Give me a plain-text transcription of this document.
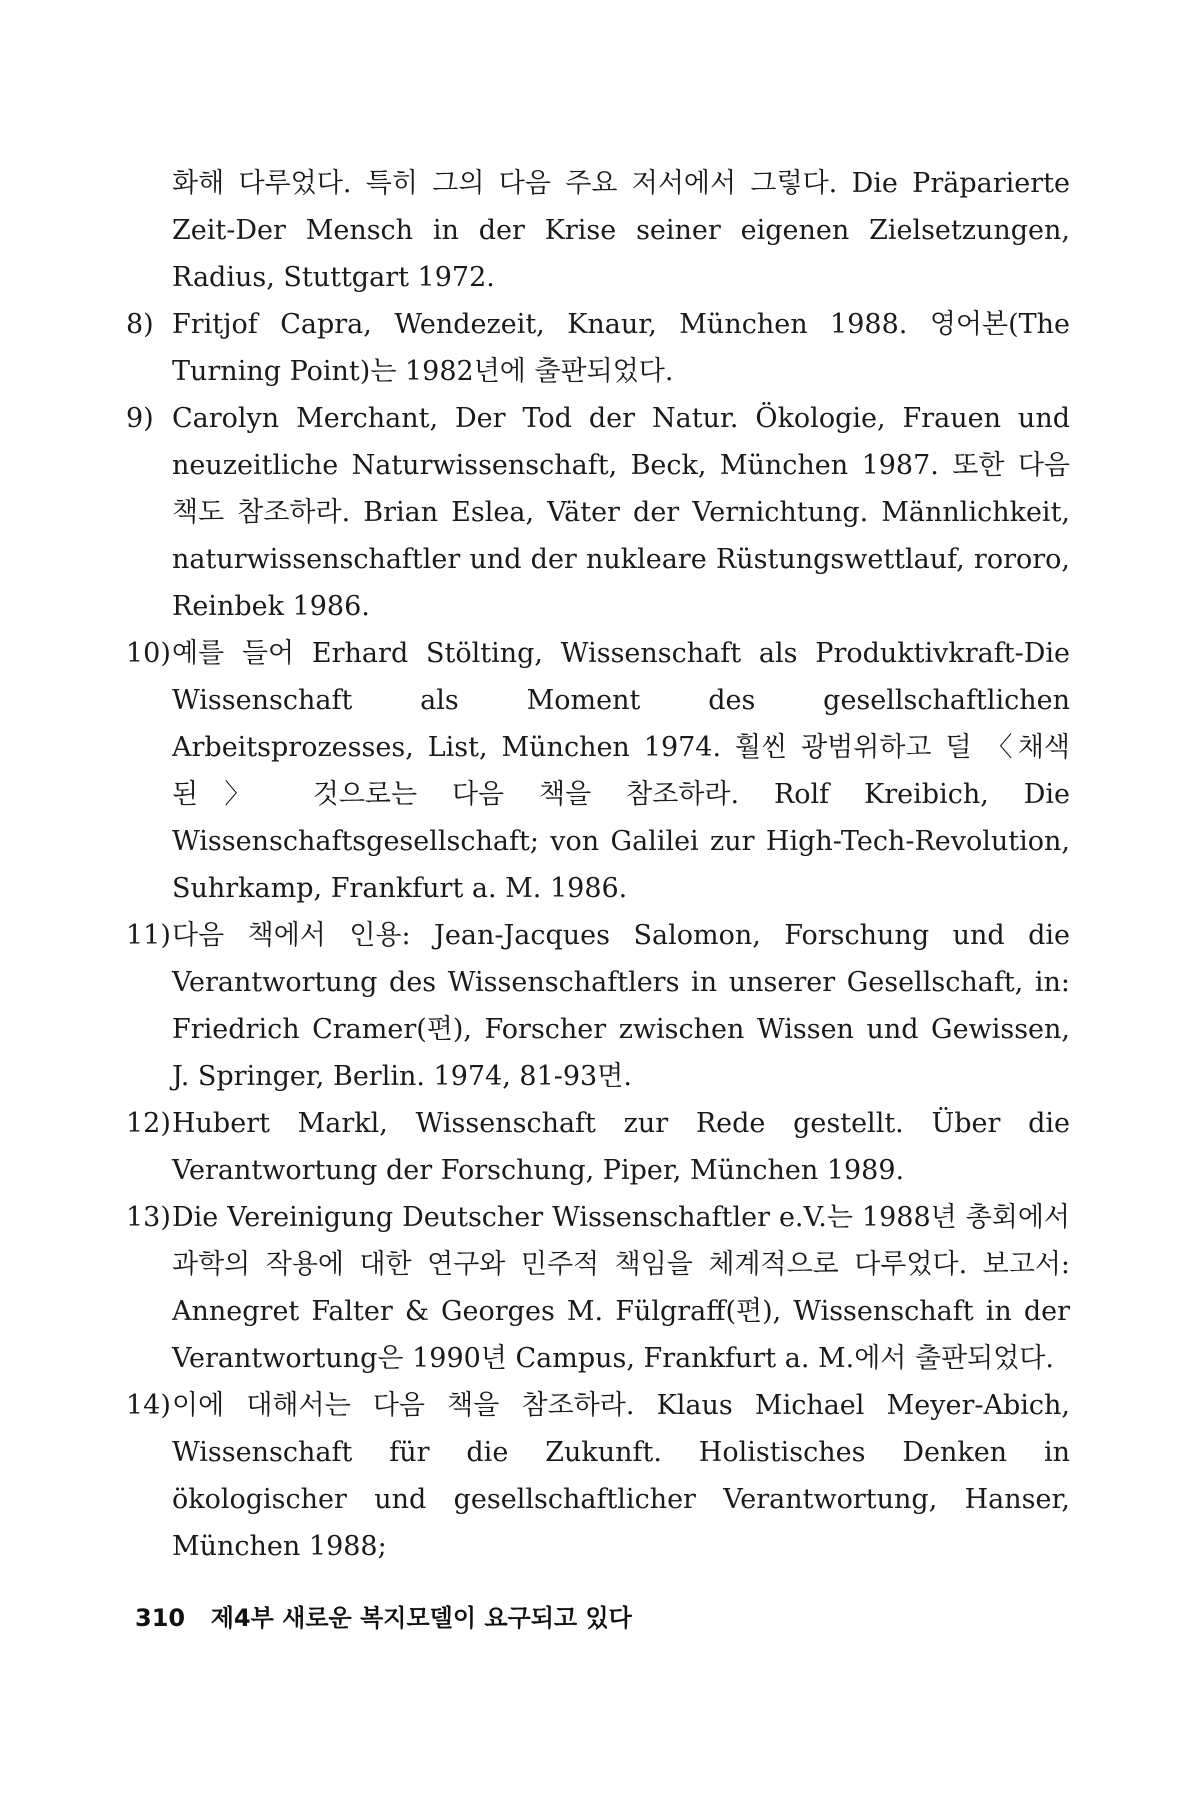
화해 다루었다. 특히 그의 다음 주요 저서에서 그렇다. Die Präparierte Zeit-Der Mensch in der Krise seiner eigenen Zielsetzungen, Radius, Stuttgart 1972.

8) Fritjof Capra, Wendezeit, Knaur, München 1988. 영어본(The Turning Point)는 1982년에 출판되었다.
9) Carolyn Merchant, Der Tod der Natur. Ökologie, Frauen und neuzeitliche Naturwissenschaft, Beck, München 1987. 또한 다음 책도 참조하라. Brian Eslea, Väter der Vernichtung. Männlichkeit, naturwissenschaftler und der nukleare Rüstungswettlauf, rororo, Reinbek 1986.
10) 예를 들어 Erhard Stölting, Wissenschaft als Produktivkraft-Die Wissenschaft als Moment des gesellschaftlichen Arbeitsprozesses, List, München 1974. 훨씬 광범위하고 덜 〈채색된〉 것으로는 다음 책을 참조하라. Rolf Kreibich, Die Wissenschaftsgesellschaft; von Galilei zur High-Tech-Revolution, Suhrkamp, Frankfurt a. M. 1986.
11) 다음 책에서 인용: Jean-Jacques Salomon, Forschung und die Verantwortung des Wissenschaftlers in unserer Gesellschaft, in: Friedrich Cramer(편), Forscher zwischen Wissen und Gewissen, J. Springer, Berlin. 1974, 81-93면.
12) Hubert Markl, Wissenschaft zur Rede gestellt. Über die Verantwortung der Forschung, Piper, München 1989.
13) Die Vereinigung Deutscher Wissenschaftler e.V.는 1988년 총회에서 과학의 작용에 대한 연구와 민주적 책임을 체계적으로 다루었다. 보고서: Annegret Falter & Georges M. Fülgraff(편), Wissenschaft in der Verantwortung은 1990년 Campus, Frankfurt a. M.에서 출판되었다.
14) 이에 대해서는 다음 책을 참조하라. Klaus Michael Meyer-Abich, Wissenschaft für die Zukunft. Holistisches Denken in ökologischer und gesellschaftlicher Verantwortung, Hanser, München 1988;
310 제4부 새로운 복지모델이 요구되고 있다
